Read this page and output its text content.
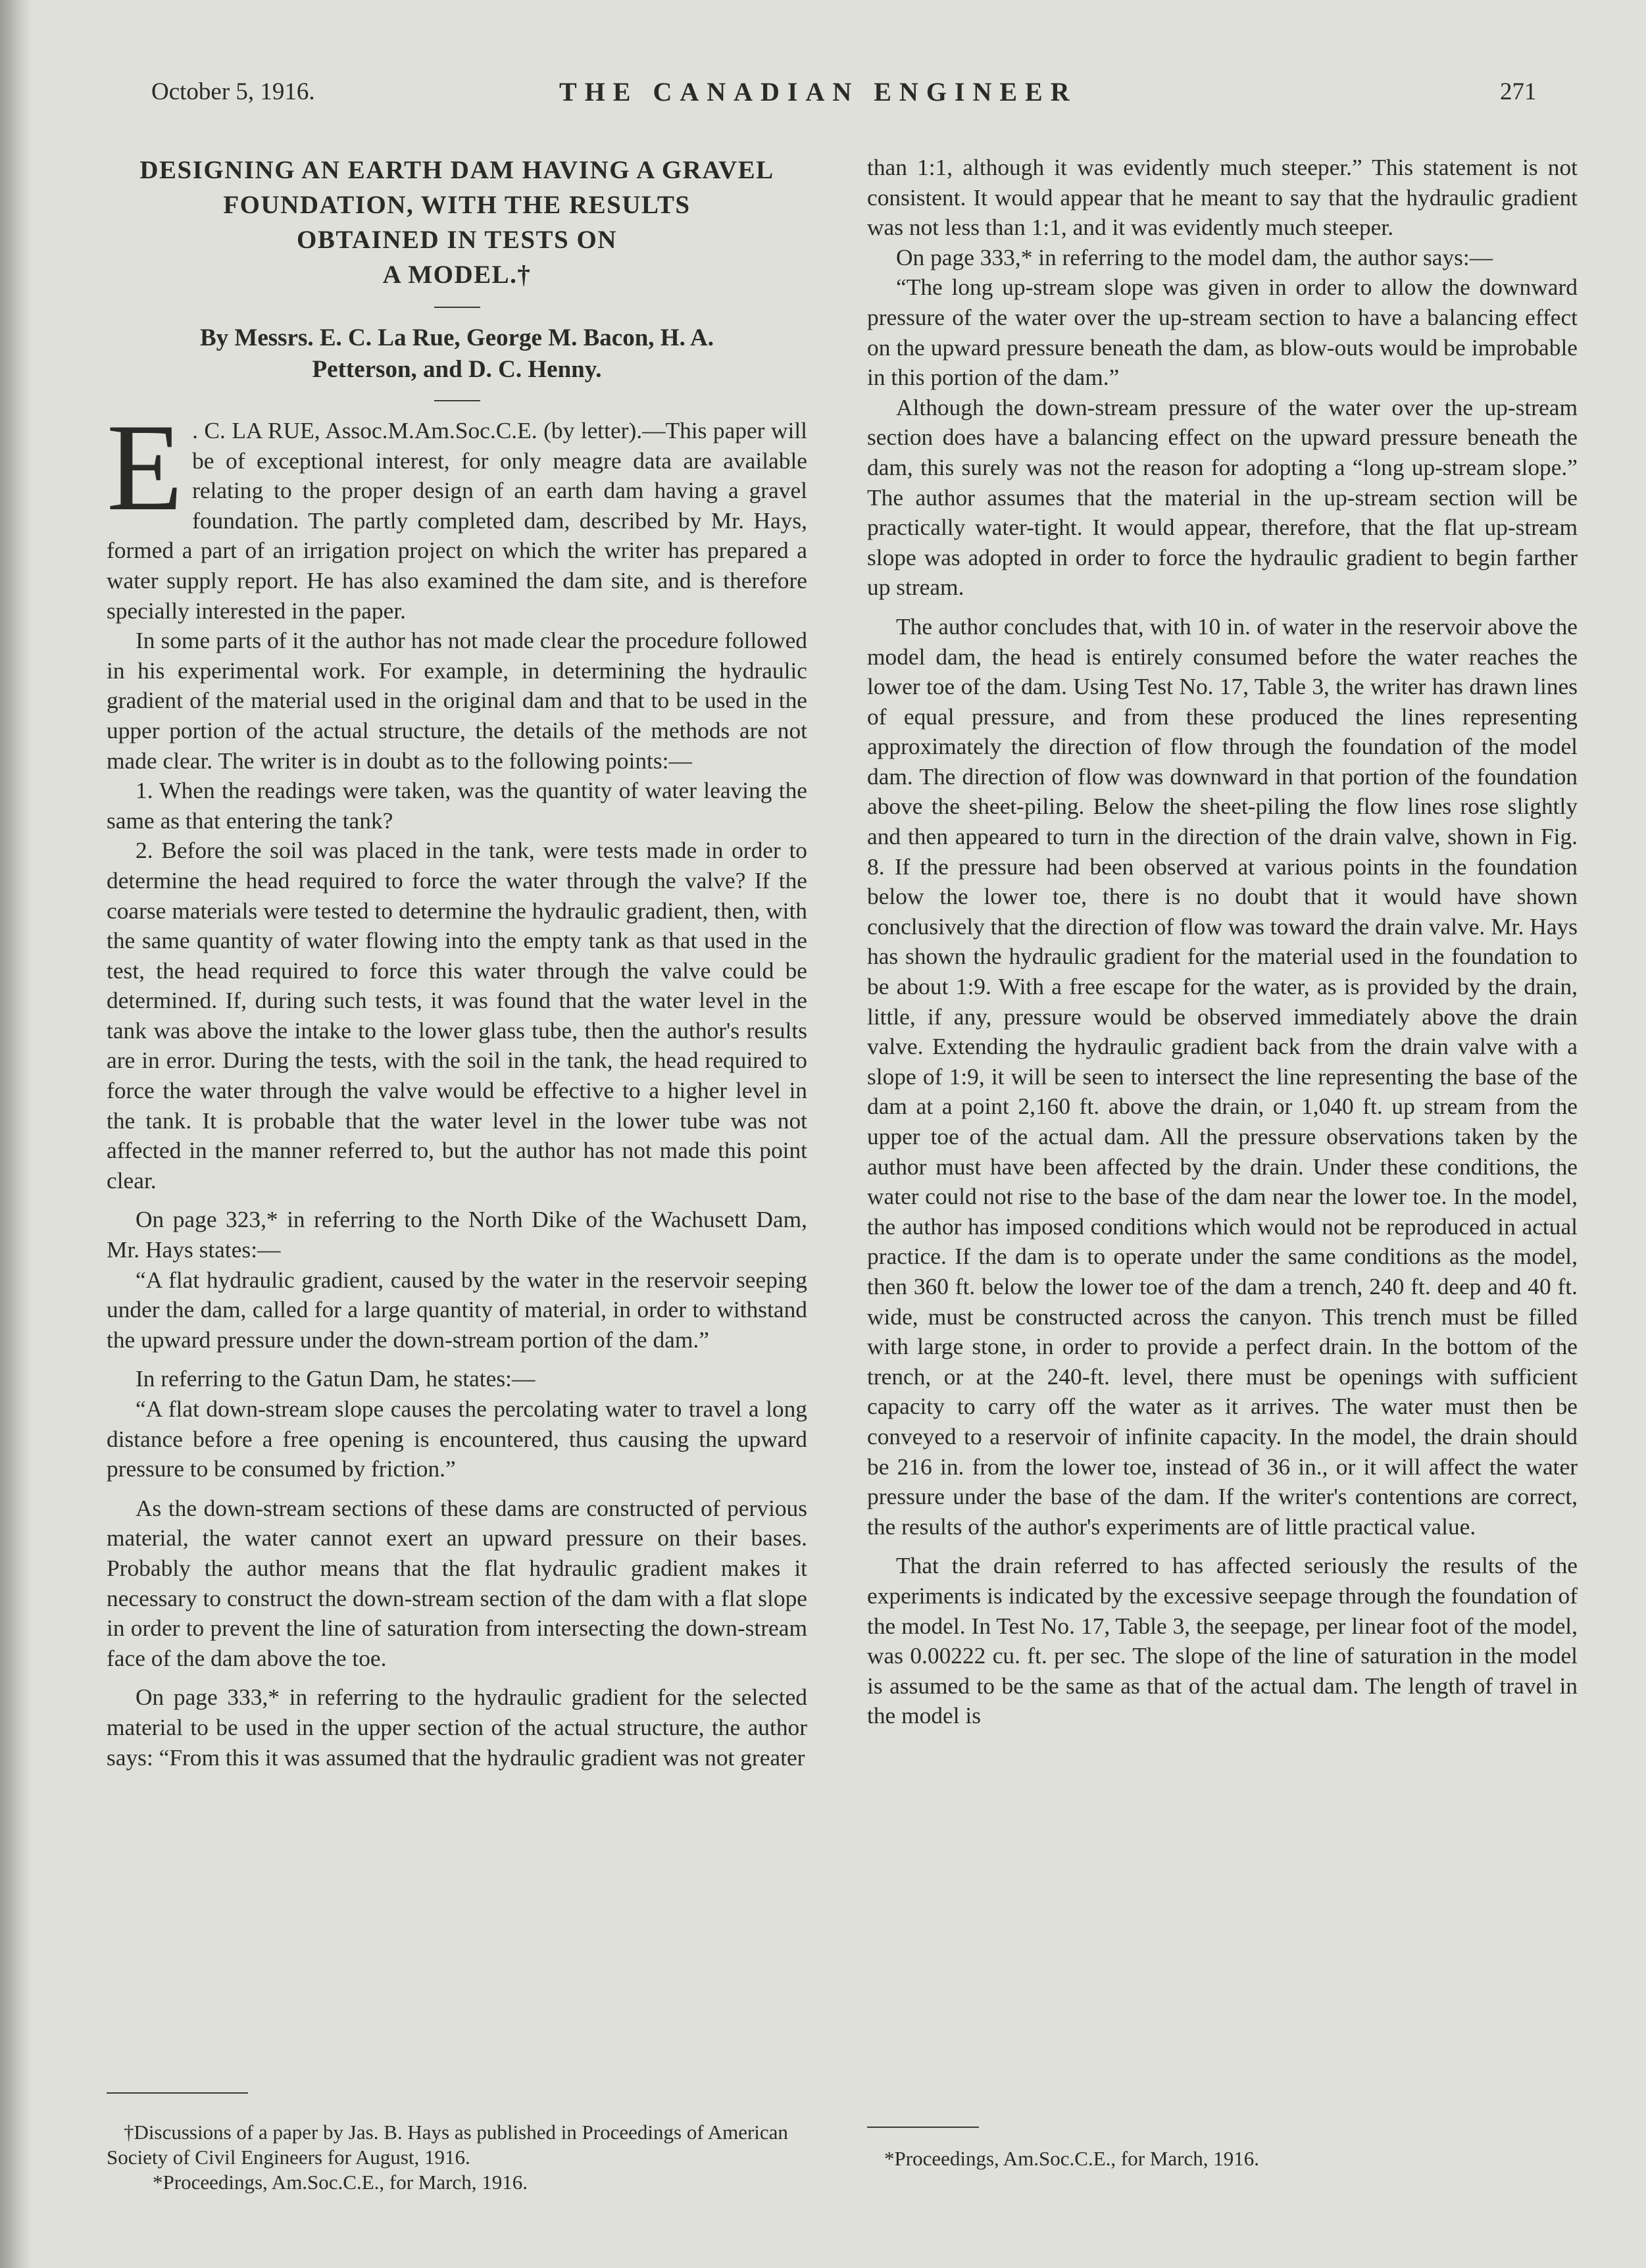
October 5, 1916.	THE CANADIAN ENGINEER	271
DESIGNING AN EARTH DAM HAVING A GRAVEL
FOUNDATION, WITH THE RESULTS
OBTAINED IN TESTS ON
A MODEL.†
By Messrs. E. C. La Rue, George M. Bacon, H. A.
Petterson, and D. C. Henny.

E . C. LA RUE, Assoc.M.Am.Soc.C.E. (by letter).—This paper will be of exceptional interest, for only meagre data are available relating to the proper design of an earth dam having a gravel foundation. The partly completed dam, described by Mr. Hays, formed a part of an irrigation project on which the writer has prepared a water supply report. He has also examined the dam site, and is therefore specially interested in the paper.

In some parts of it the author has not made clear the procedure followed in his experimental work. For example, in determining the hydraulic gradient of the material used in the original dam and that to be used in the upper portion of the actual structure, the details of the methods are not made clear. The writer is in doubt as to the following points:—

1. When the readings were taken, was the quantity of water leaving the same as that entering the tank?

2. Before the soil was placed in the tank, were tests made in order to determine the head required to force the water through the valve? If the coarse materials were tested to determine the hydraulic gradient, then, with the same quantity of water flowing into the empty tank as that used in the test, the head required to force this water through the valve could be determined. If, during such tests, it was found that the water level in the tank was above the intake to the lower glass tube, then the author's results are in error. During the tests, with the soil in the tank, the head required to force the water through the valve would be effective to a higher level in the tank. It is probable that the water level in the lower tube was not affected in the manner referred to, but the author has not made this point clear.

On page 323,* in referring to the North Dike of the Wachusett Dam, Mr. Hays states:—

“A flat hydraulic gradient, caused by the water in the reservoir seeping under the dam, called for a large quantity of material, in order to withstand the upward pressure under the down-stream portion of the dam.”

In referring to the Gatun Dam, he states:—

“A flat down-stream slope causes the percolating water to travel a long distance before a free opening is encountered, thus causing the upward pressure to be consumed by friction.”

As the down-stream sections of these dams are constructed of pervious material, the water cannot exert an upward pressure on their bases. Probably the author means that the flat hydraulic gradient makes it necessary to construct the down-stream section of the dam with a flat slope in order to prevent the line of saturation from intersecting the down-stream face of the dam above the toe.

On page 333,* in referring to the hydraulic gradient for the selected material to be used in the upper section of the actual structure, the author says: “From this it was assumed that the hydraulic gradient was not greater

†Discussions of a paper by Jas. B. Hays as published in Proceedings of American Society of Civil Engineers for August, 1916.

*Proceedings, Am.Soc.C.E., for March, 1916.

than 1:1, although it was evidently much steeper.” This statement is not consistent. It would appear that he meant to say that the hydraulic gradient was not less than 1:1, and it was evidently much steeper.

On page 333,* in referring to the model dam, the author says:—

“The long up-stream slope was given in order to allow the downward pressure of the water over the up-stream section to have a balancing effect on the upward pressure beneath the dam, as blow-outs would be improbable in this portion of the dam.”

Although the down-stream pressure of the water over the up-stream section does have a balancing effect on the upward pressure beneath the dam, this surely was not the reason for adopting a “long up-stream slope.” The author assumes that the material in the up-stream section will be practically water-tight. It would appear, therefore, that the flat up-stream slope was adopted in order to force the hydraulic gradient to begin farther up stream.

The author concludes that, with 10 in. of water in the reservoir above the model dam, the head is entirely consumed before the water reaches the lower toe of the dam. Using Test No. 17, Table 3, the writer has drawn lines of equal pressure, and from these produced the lines representing approximately the direction of flow through the foundation of the model dam. The direction of flow was downward in that portion of the foundation above the sheet-piling. Below the sheet-piling the flow lines rose slightly and then appeared to turn in the direction of the drain valve, shown in Fig. 8. If the pressure had been observed at various points in the foundation below the lower toe, there is no doubt that it would have shown conclusively that the direction of flow was toward the drain valve. Mr. Hays has shown the hydraulic gradient for the material used in the foundation to be about 1:9. With a free escape for the water, as is provided by the drain, little, if any, pressure would be observed immediately above the drain valve. Extending the hydraulic gradient back from the drain valve with a slope of 1:9, it will be seen to intersect the line representing the base of the dam at a point 2,160 ft. above the drain, or 1,040 ft. up stream from the upper toe of the actual dam. All the pressure observations taken by the author must have been affected by the drain. Under these conditions, the water could not rise to the base of the dam near the lower toe. In the model, the author has imposed conditions which would not be reproduced in actual practice. If the dam is to operate under the same conditions as the model, then 360 ft. below the lower toe of the dam a trench, 240 ft. deep and 40 ft. wide, must be constructed across the canyon. This trench must be filled with large stone, in order to provide a perfect drain. In the bottom of the trench, or at the 240-ft. level, there must be openings with sufficient capacity to carry off the water as it arrives. The water must then be conveyed to a reservoir of infinite capacity. In the model, the drain should be 216 in. from the lower toe, instead of 36 in., or it will affect the water pressure under the base of the dam. If the writer's contentions are correct, the results of the author's experiments are of little practical value.

That the drain referred to has affected seriously the results of the experiments is indicated by the excessive seepage through the foundation of the model. In Test No. 17, Table 3, the seepage, per linear foot of the model, was 0.00222 cu. ft. per sec. The slope of the line of saturation in the model is assumed to be the same as that of the actual dam. The length of travel in the model is

*Proceedings, Am.Soc.C.E., for March, 1916.
